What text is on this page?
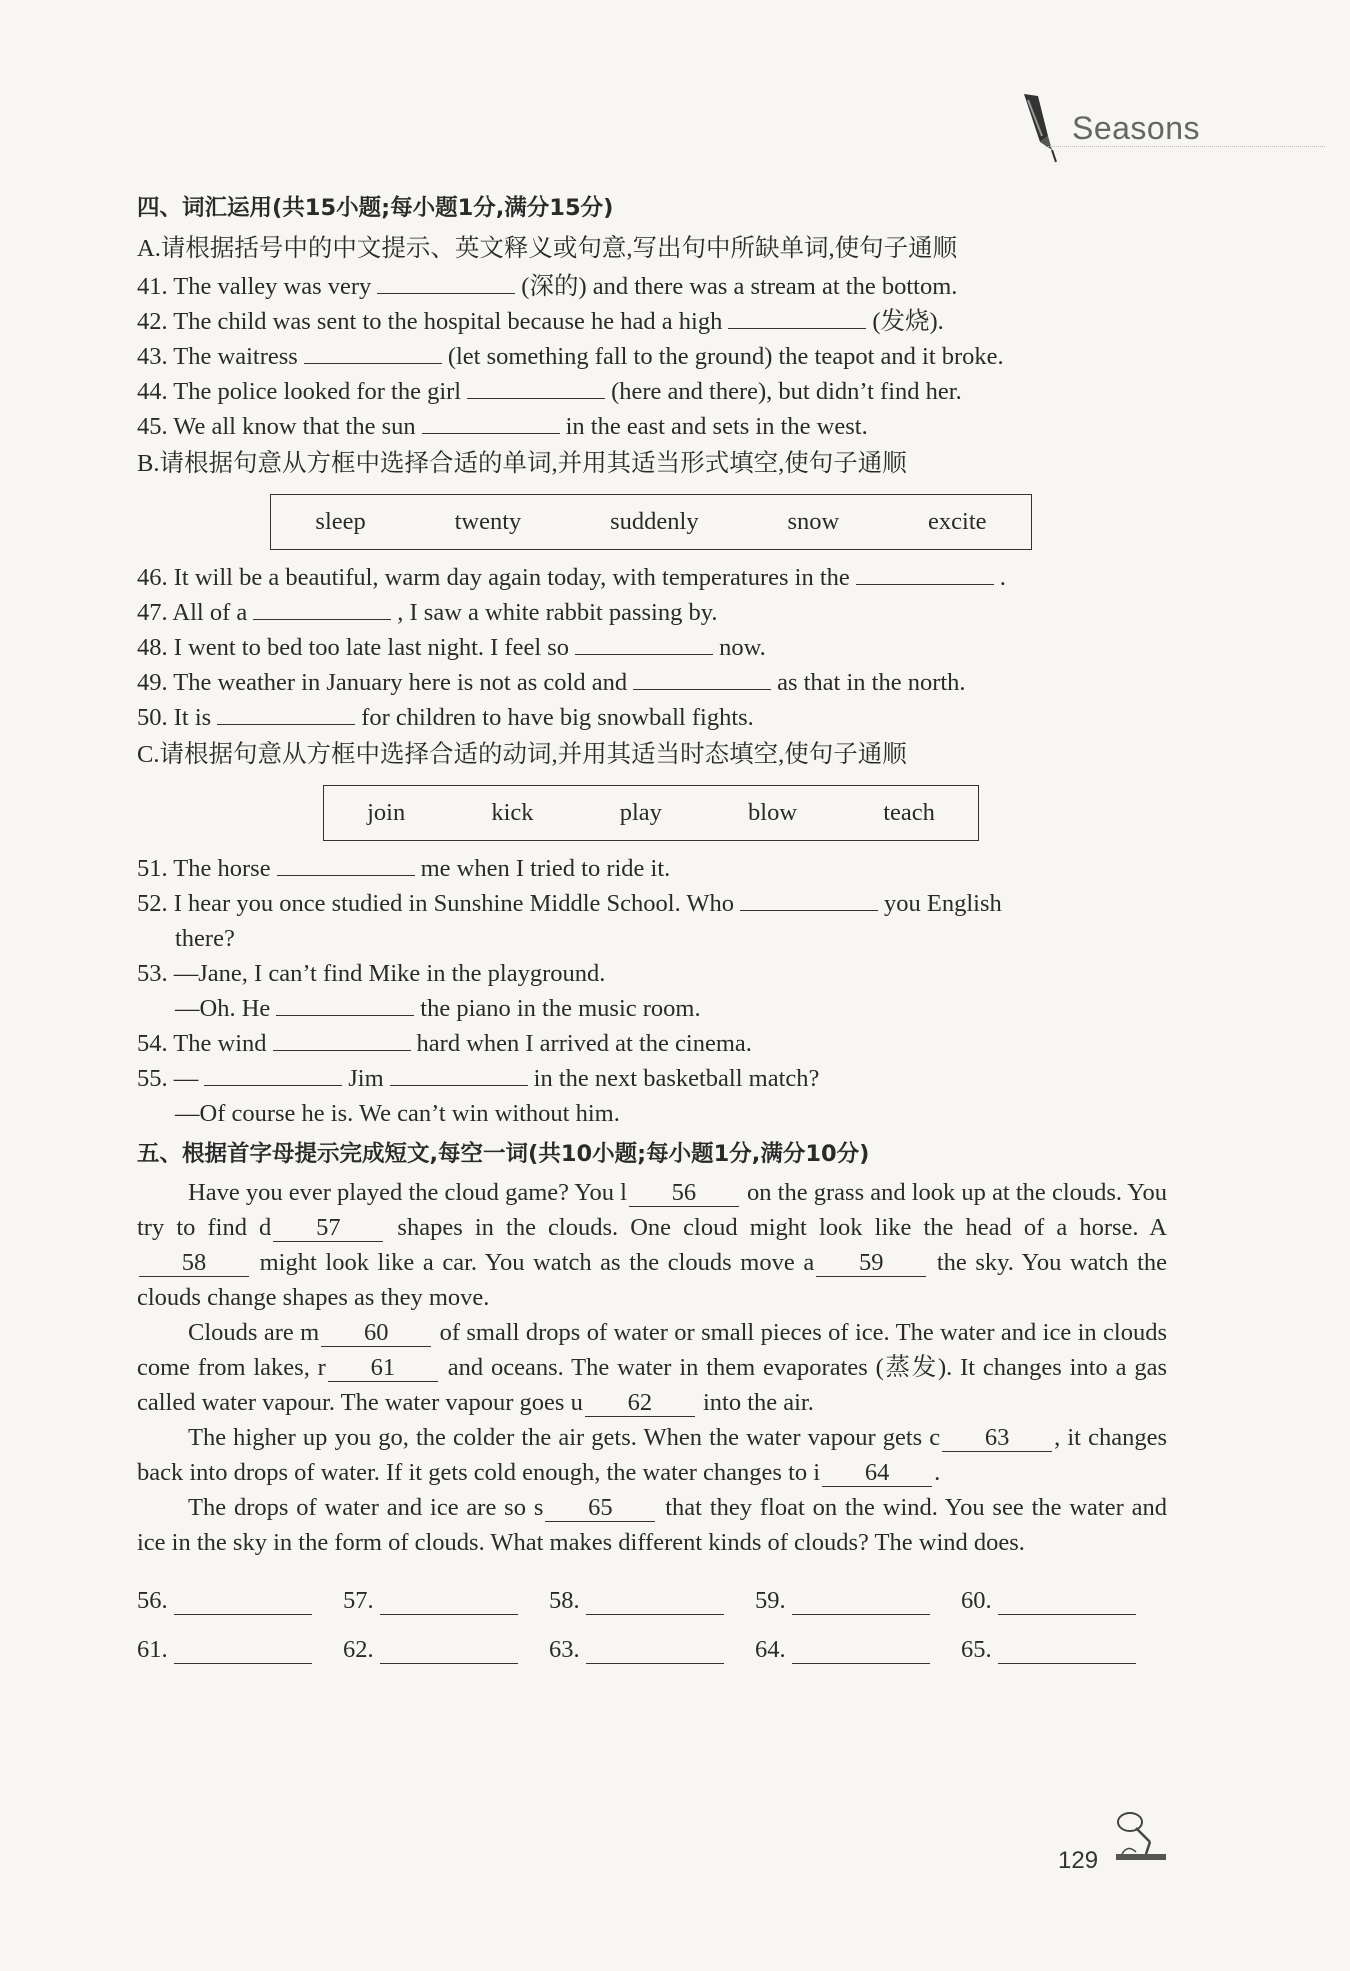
Seasons
四、词汇运用(共15小题;每小题1分,满分15分)
A.请根据括号中的中文提示、英文释义或句意,写出句中所缺单词,使句子通顺
41. The valley was very	(深的) and there was a stream at the bottom.
42. The child was sent to the hospital because he had a high	(发烧).
43. The waitress	(let something fall to the ground) the teapot and it broke.
44. The police looked for the girl	(here and there), but didn’t find her.
45. We all know that the sun	in the east and sets in the west.
B.请根据句意从方框中选择合适的单词,并用其适当形式填空,使句子通顺
sleep	twenty	suddenly	snow	excite
46. It will be a beautiful, warm day again today, with temperatures in the	.
47. All of a	, I saw a white rabbit passing by.
48. I went to bed too late last night. I feel so	now.
49. The weather in January here is not as cold and	as that in the north.
50. It is	for children to have big snowball fights.
C.请根据句意从方框中选择合适的动词,并用其适当时态填空,使句子通顺
join	kick	play	blow	teach
51. The horse	me when I tried to ride it.
52. I hear you once studied in Sunshine Middle School. Who	you English
there?
53. —Jane, I can’t find Mike in the playground.
—Oh. He	the piano in the music room.
54. The wind	hard when I arrived at the cinema.
55. —	Jim	in the next basketball match?
—Of course he is. We can’t win without him.
五、根据首字母提示完成短文,每空一词(共10小题;每小题1分,满分10分)

Have you ever played the cloud game? You l 56 on the grass and look up at the clouds. You try to find d 57 shapes in the clouds. One cloud might look like the head of a horse. A58 might look like a car. You watch as the clouds move a 59 the sky. You watch the clouds change shapes as they move.

Clouds are m 60 of small drops of water or small pieces of ice. The water and ice in clouds come from lakes, r 61 and oceans. The water in them evaporates (蒸发). It changes into a gas called water vapour. The water vapour goes u 62 into the air.

The higher up you go, the colder the air gets. When the water vapour gets c 63 , it changes back into drops of water. If it gets cold enough, the water changes to i 64 .

The drops of water and ice are so s 65 that they float on the wind. You see the water and ice in the sky in the form of clouds. What makes different kinds of clouds? The wind does.

56.	57.	58.	59.	60.
61.	62.	63.	64.	65.
129
